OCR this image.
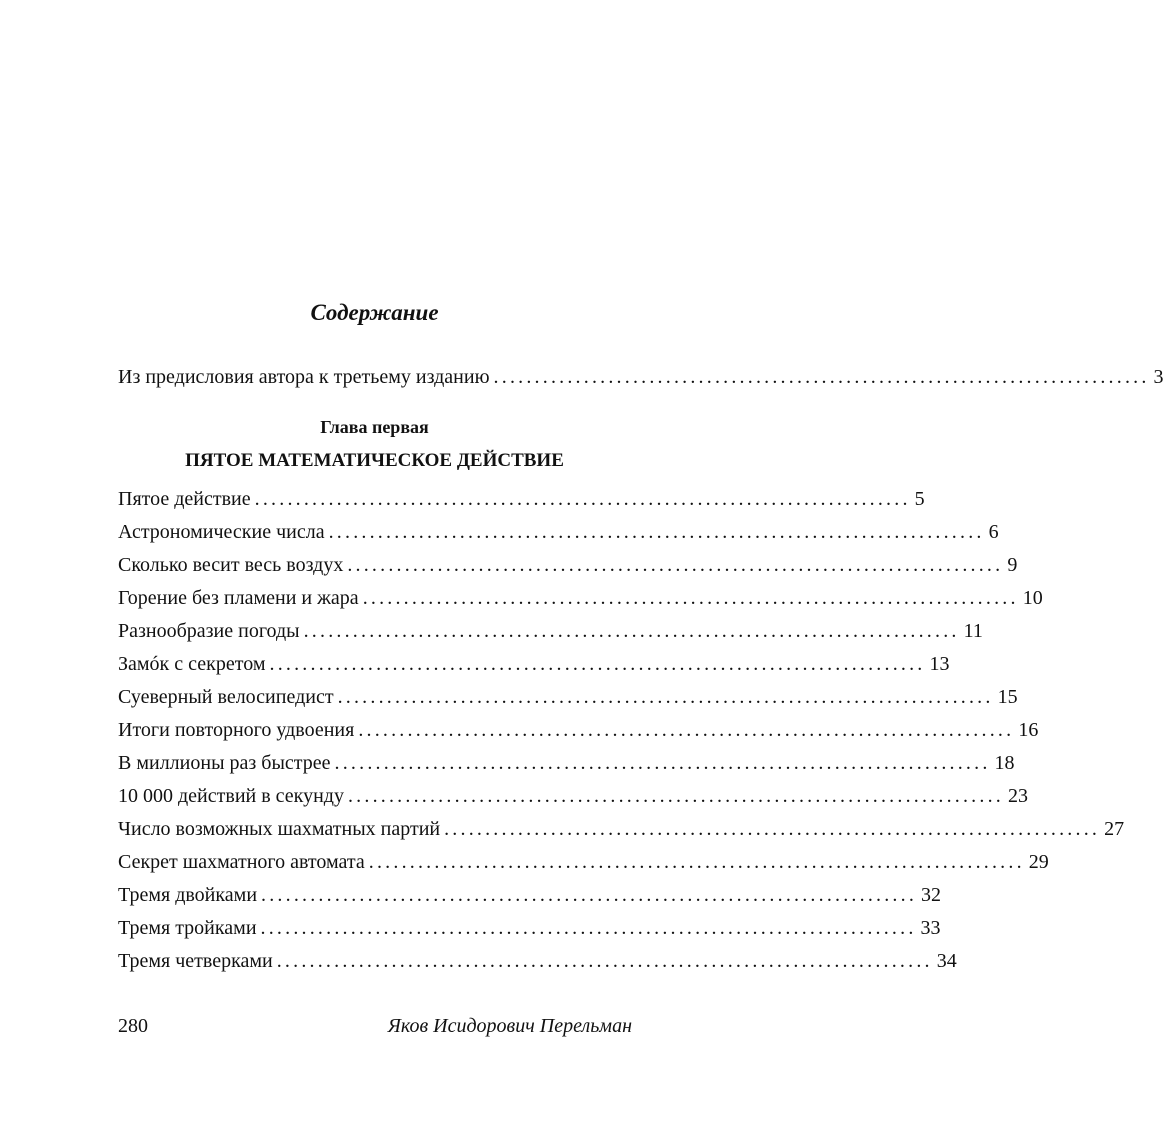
Содержание
Из предисловия автора к третьему изданию ................................................................................ 3
Глава первая
ПЯТОЕ МАТЕМАТИЧЕСКОЕ ДЕЙСТВИЕ
Пятое действие ................................................................................ 5
Астрономические числа ................................................................................ 6
Сколько весит весь воздух ................................................................................ 9
Горение без пламени и жара ................................................................................ 10
Разнообразие погоды ................................................................................ 11
Замóк с секретом ................................................................................ 13
Суеверный велосипедист ................................................................................ 15
Итоги повторного удвоения ................................................................................ 16
В миллионы раз быстрее ................................................................................ 18
10 000 действий в секунду ................................................................................ 23
Число возможных шахматных партий ................................................................................ 27
Секрет шахматного автомата ................................................................................ 29
Тремя двойками ................................................................................ 32
Тремя тройками ................................................................................ 33
Тремя четверками ................................................................................ 34
280	Яков Исидорович Перельман
